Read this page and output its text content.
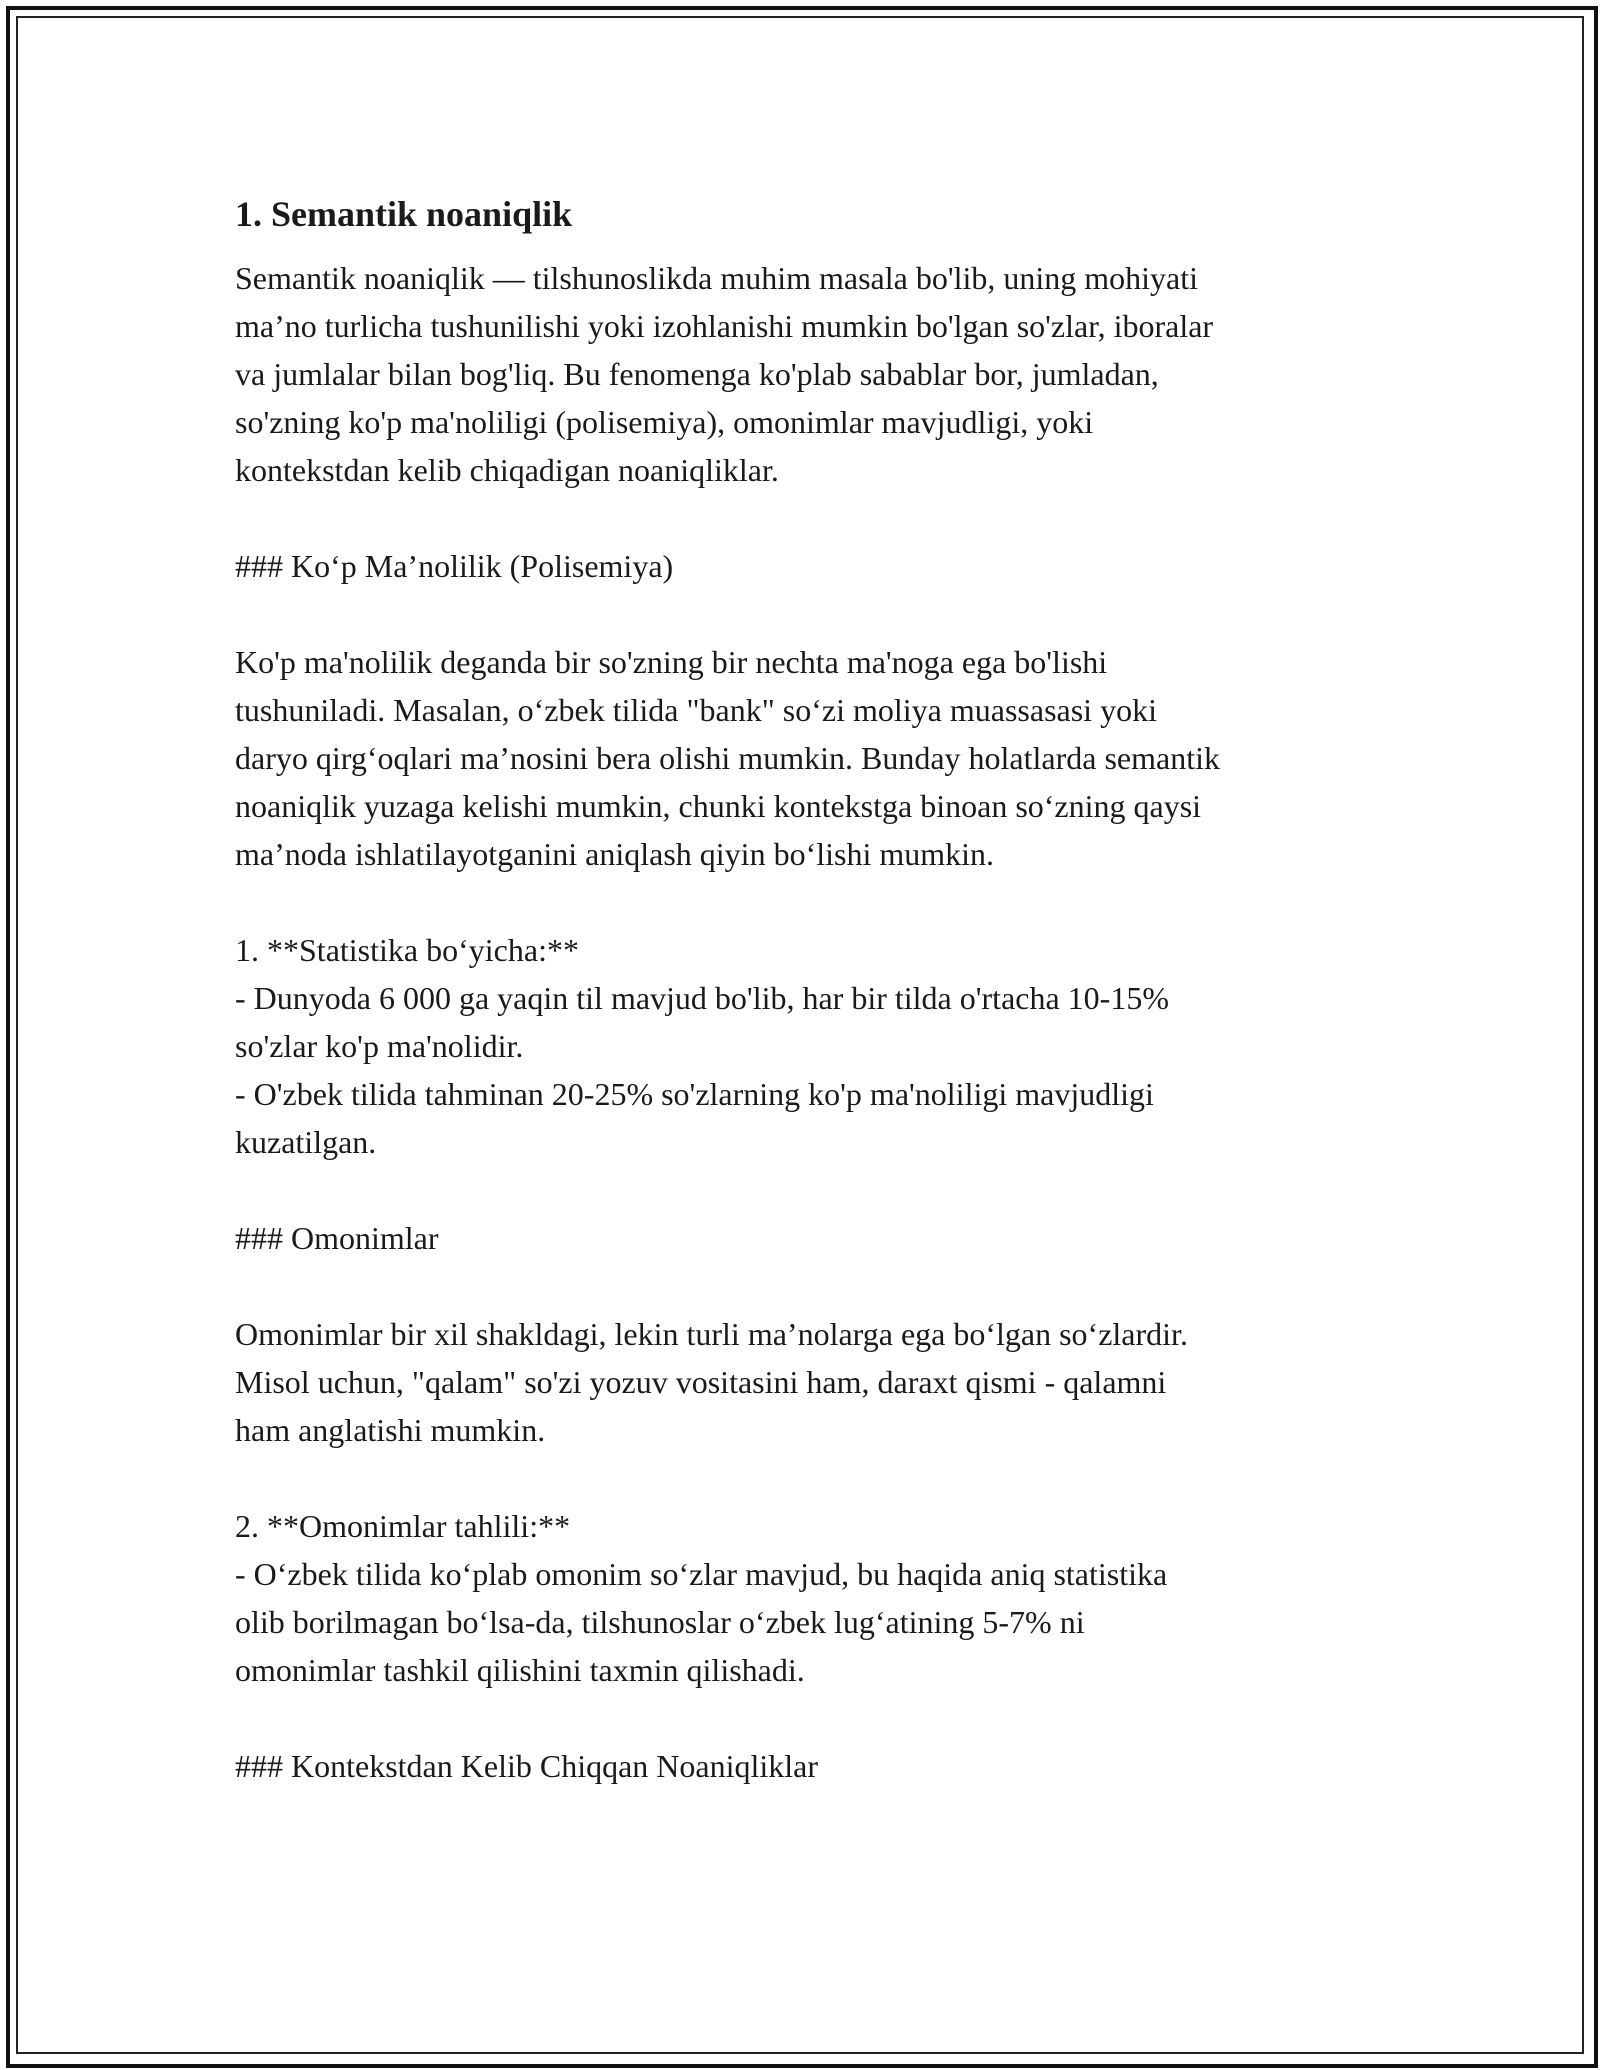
1. Semantik noaniqlik

Semantik noaniqlik — tilshunoslikda muhim masala bo'lib, uning mohiyati
ma’no turlicha tushunilishi yoki izohlanishi mumkin bo'lgan so'zlar, iboralar
va jumlalar bilan bog'liq. Bu fenomenga ko'plab sabablar bor, jumladan,
so'zning ko'p ma'noliligi (polisemiya), omonimlar mavjudligi, yoki
kontekstdan kelib chiqadigan noaniqliklar.

### Ko‘p Ma’nolilik (Polisemiya)

Ko'p ma'nolilik deganda bir so'zning bir nechta ma'noga ega bo'lishi
tushuniladi. Masalan, o‘zbek tilida "bank" so‘zi moliya muassasasi yoki
daryo qirg‘oqlari ma’nosini bera olishi mumkin. Bunday holatlarda semantik
noaniqlik yuzaga kelishi mumkin, chunki kontekstga binoan so‘zning qaysi
ma’noda ishlatilayotganini aniqlash qiyin bo‘lishi mumkin.

1. **Statistika bo‘yicha:**
- Dunyoda 6 000 ga yaqin til mavjud bo'lib, har bir tilda o'rtacha 10-15%
so'zlar ko'p ma'nolidir.
- O'zbek tilida tahminan 20-25% so'zlarning ko'p ma'noliligi mavjudligi
kuzatilgan.

### Omonimlar

Omonimlar bir xil shakldagi, lekin turli ma’nolarga ega bo‘lgan so‘zlardir.
Misol uchun, "qalam" so'zi yozuv vositasini ham, daraxt qismi - qalamni
ham anglatishi mumkin.

2. **Omonimlar tahlili:**
- O‘zbek tilida ko‘plab omonim so‘zlar mavjud, bu haqida aniq statistika
olib borilmagan bo‘lsa-da, tilshunoslar o‘zbek lug‘atining 5-7% ni
omonimlar tashkil qilishini taxmin qilishadi.

### Kontekstdan Kelib Chiqqan Noaniqliklar
